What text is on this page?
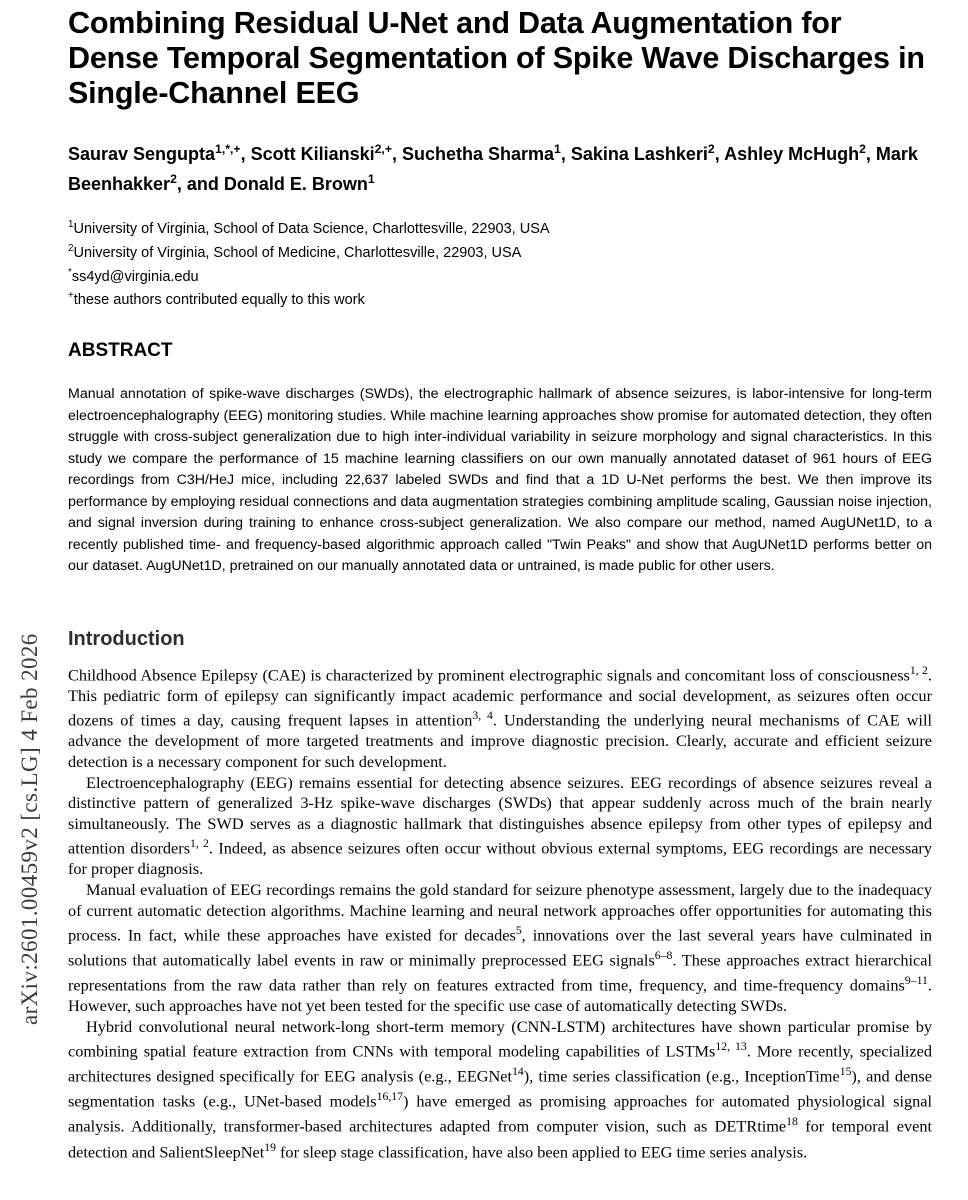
arXiv:2601.00459v2 [cs.LG] 4 Feb 2026
Combining Residual U-Net and Data Augmentation for Dense Temporal Segmentation of Spike Wave Discharges in Single-Channel EEG
Saurav Sengupta$^{1,*,+}$, Scott Kilianski$^{2,+}$, Suchetha Sharma$^1$, Sakina Lashkeri$^2$, Ashley McHugh$^2$, Mark Beenhakker$^2$, and Donald E. Brown$^1$
$^1$University of Virginia, School of Data Science, Charlottesville, 22903, USA
$^2$University of Virginia, School of Medicine, Charlottesville, 22903, USA
*ss4yd@virginia.edu
+these authors contributed equally to this work
ABSTRACT
Manual annotation of spike-wave discharges (SWDs), the electrographic hallmark of absence seizures, is labor-intensive for long-term electroencephalography (EEG) monitoring studies. While machine learning approaches show promise for automated detection, they often struggle with cross-subject generalization due to high inter-individual variability in seizure morphology and signal characteristics. In this study we compare the performance of 15 machine learning classifiers on our own manually annotated dataset of 961 hours of EEG recordings from C3H/HeJ mice, including 22,637 labeled SWDs and find that a 1D U-Net performs the best. We then improve its performance by employing residual connections and data augmentation strategies combining amplitude scaling, Gaussian noise injection, and signal inversion during training to enhance cross-subject generalization. We also compare our method, named AugUNet1D, to a recently published time- and frequency-based algorithmic approach called "Twin Peaks" and show that AugUNet1D performs better on our dataset. AugUNet1D, pretrained on our manually annotated data or untrained, is made public for other users.
Introduction

Childhood Absence Epilepsy (CAE) is characterized by prominent electrographic signals and concomitant loss of consciousness$^{1, 2}$. This pediatric form of epilepsy can significantly impact academic performance and social development, as seizures often occur dozens of times a day, causing frequent lapses in attention$^{3, 4}$. Understanding the underlying neural mechanisms of CAE will advance the development of more targeted treatments and improve diagnostic precision. Clearly, accurate and efficient seizure detection is a necessary component for such development.

Electroencephalography (EEG) remains essential for detecting absence seizures. EEG recordings of absence seizures reveal a distinctive pattern of generalized 3-Hz spike-wave discharges (SWDs) that appear suddenly across much of the brain nearly simultaneously. The SWD serves as a diagnostic hallmark that distinguishes absence epilepsy from other types of epilepsy and attention disorders$^{1, 2}$. Indeed, as absence seizures often occur without obvious external symptoms, EEG recordings are necessary for proper diagnosis.

Manual evaluation of EEG recordings remains the gold standard for seizure phenotype assessment, largely due to the inadequacy of current automatic detection algorithms. Machine learning and neural network approaches offer opportunities for automating this process. In fact, while these approaches have existed for decades$^5$, innovations over the last several years have culminated in solutions that automatically label events in raw or minimally preprocessed EEG signals$^{6-8}$. These approaches extract hierarchical representations from the raw data rather than rely on features extracted from time, frequency, and time-frequency domains$^{9-11}$. However, such approaches have not yet been tested for the specific use case of automatically detecting SWDs.

Hybrid convolutional neural network-long short-term memory (CNN-LSTM) architectures have shown particular promise by combining spatial feature extraction from CNNs with temporal modeling capabilities of LSTMs$^{12, 13}$. More recently, specialized architectures designed specifically for EEG analysis (e.g., EEGNet$^{14}$), time series classification (e.g., InceptionTime$^{15}$), and dense segmentation tasks (e.g., UNet-based models$^{16,17}$) have emerged as promising approaches for automated physiological signal analysis. Additionally, transformer-based architectures adapted from computer vision, such as DETRtime$^{18}$ for temporal event detection and SalientSleepNet$^{19}$ for sleep stage classification, have also been applied to EEG time series analysis.
